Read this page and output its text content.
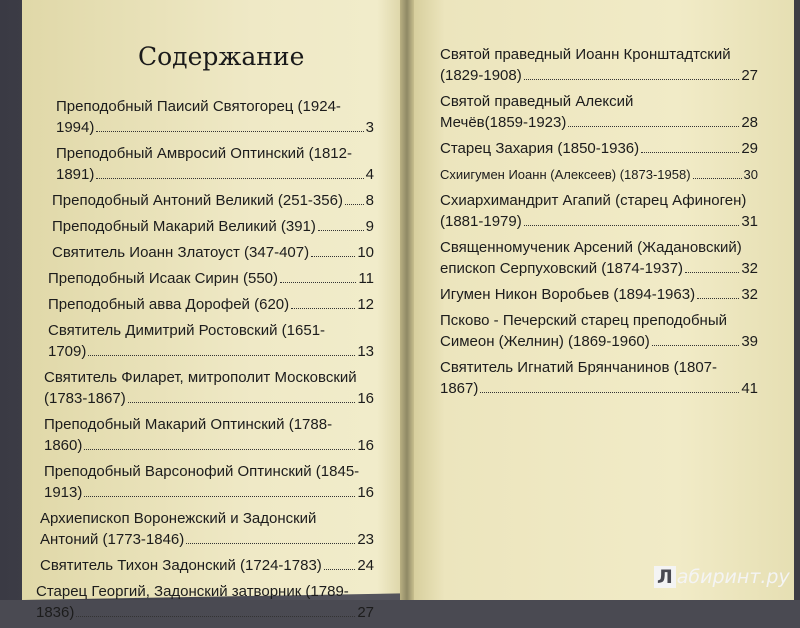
Содержание
Преподобный Паисий Святогорец (1924-
1994)	3
Преподобный Амвросий Оптинский (1812-
1891)	4
Преподобный Антоний Великий (251-356) 8
Преподобный Макарий Великий (391)	9
Святитель Иоанн Златоуст (347-407)	10
Преподобный Исаак Сирин (550)	11
Преподобный авва Дорофей (620)	12
Святитель Димитрий Ростовский (1651-
1709)	13
Святитель Филарет, митрополит Московский
(1783-1867)	16
Преподобный Макарий Оптинский (1788-
1860)	16
Преподобный Варсонофий Оптинский (1845-
1913)	16
Архиепископ Воронежский и Задонский
Антоний (1773-1846)	23
Святитель Тихон Задонский (1724-1783) 24
Старец Георгий, Задонский затворник (1789-
1836)	27
Святой праведный Иоанн Кронштадтский
(1829-1908)	27
Святой праведный Алексий
Мечёв(1859-1923)	28
Старец Захария (1850-1936)	29
Схиигумен Иоанн (Алексеев) (1873-1958)	30
Схиархимандрит Агапий (старец Афиноген)
(1881-1979)	31
Священномученик Арсений (Жадановский)
епископ Серпуховский (1874-1937)	32
Игумен Никон Воробьев (1894-1963)	32
Псково - Печерский старец преподобный
Симеон (Желнин) (1869-1960)	39
Святитель Игнатий Брянчанинов (1807-
1867)	41
Л абиринт.ру
